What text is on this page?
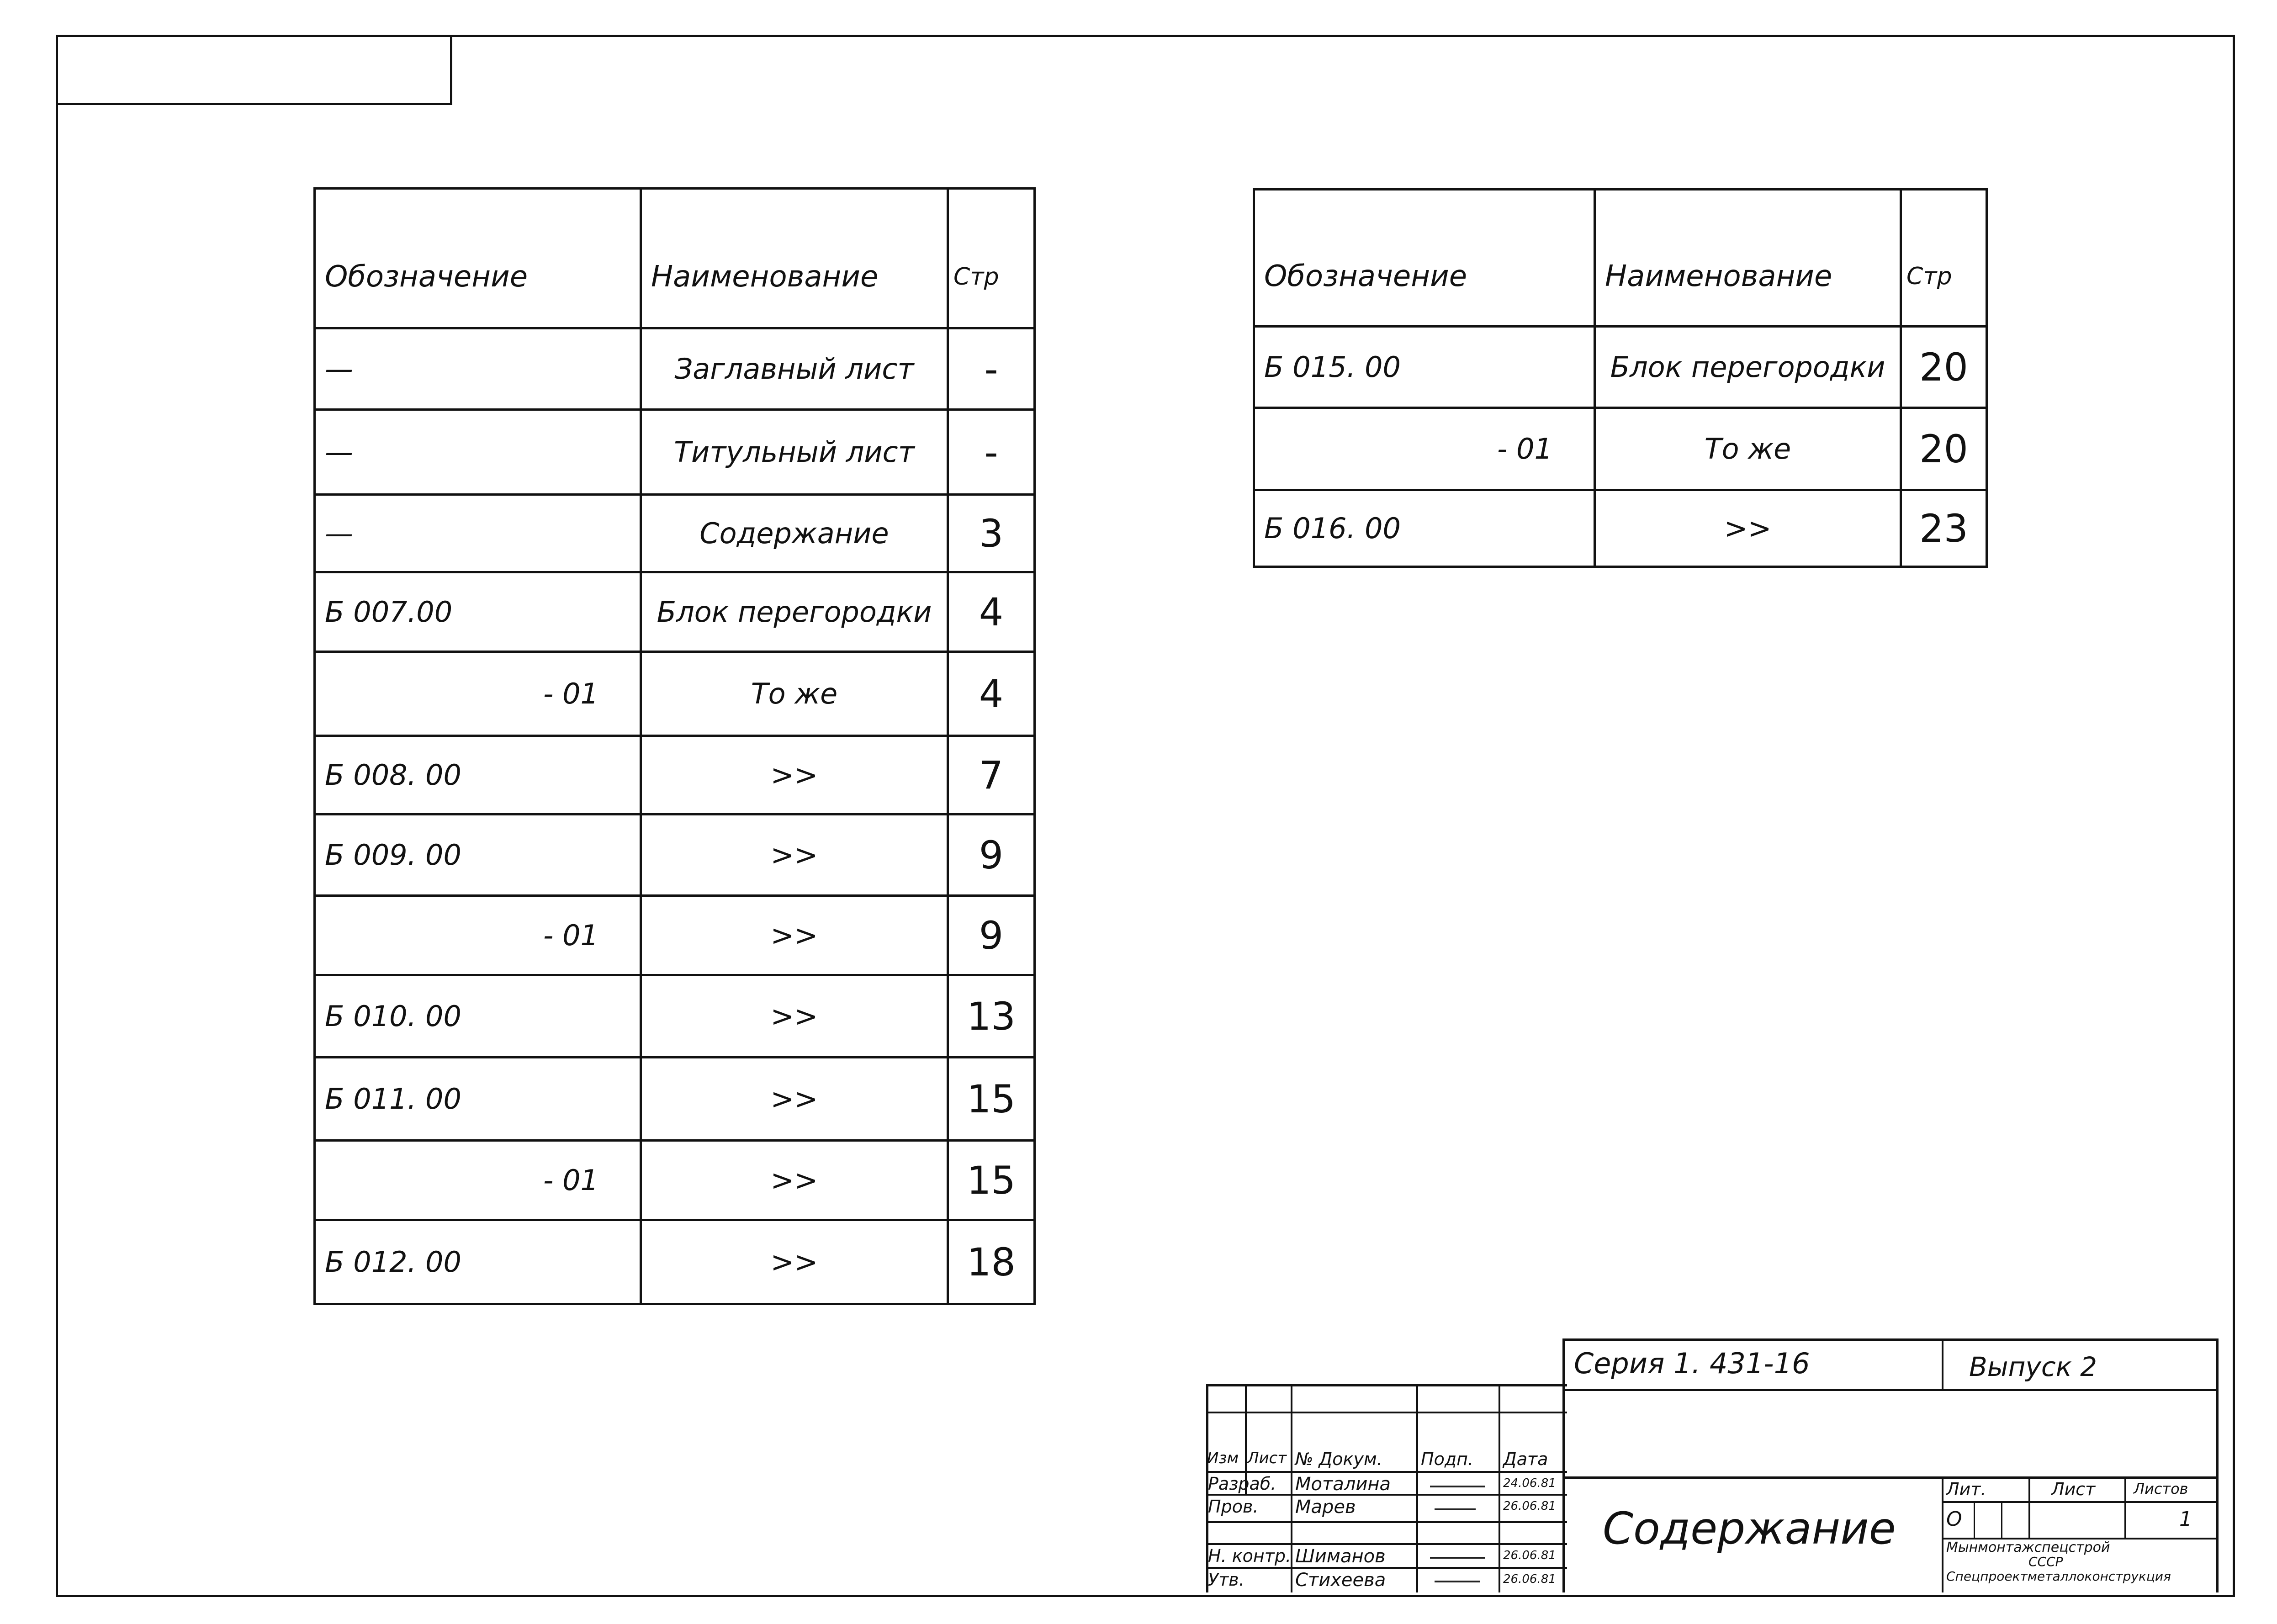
Обозначение	Наименование	Стр
—	Заглавный лист	-
—	Титульный лист	-
—	Содержание	3
Б 007.00	Блок перегородки	4
- 01	То же	4
Б 008. 00	>>	7
Б 009. 00	>>	9
- 01	>>	9
Б 010. 00	>>	13
Б 011. 00	>>	15
- 01	>>	15
Б 012. 00	>>	18
Обозначение	Наименование	Стр
Б 015. 00	Блок перегородки	20
- 01	То же	20
Б 016. 00	>>	23
Серия 1. 431-16	Выпуск 2
Содержание
Изм Лист № Докум. Подп. Дата
Разраб. Моталина	24.06.81
Пров. Марев	26.06.81
Н. контр. Шиманов	26.06.81
Утв.	Стихеева	26.06.81
Лит.	Лист	Листов
О	1
Мынмонтажспецстрой
СССР
Спецпроектметаллоконструкция
